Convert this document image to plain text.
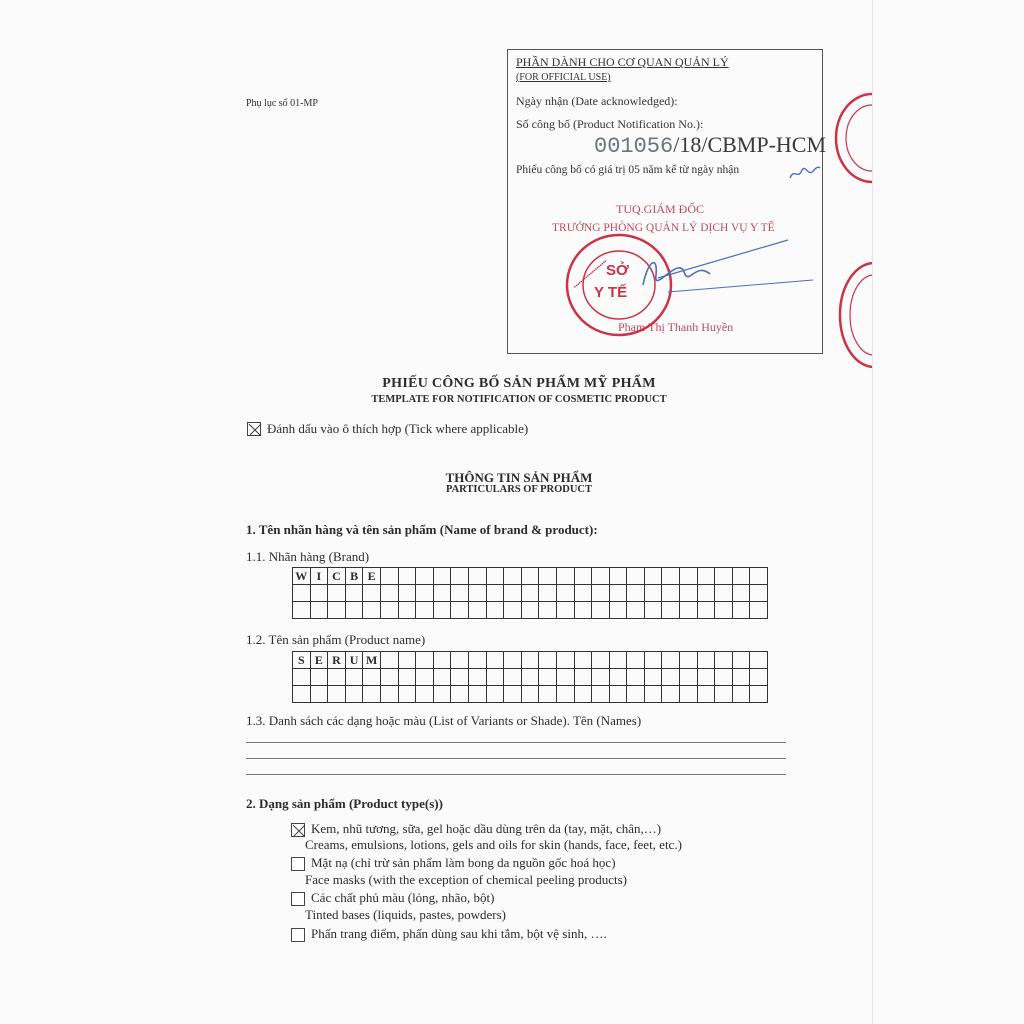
Phụ lục số 01-MP
PHẦN DÀNH CHO CƠ QUAN QUẢN LÝ
(FOR OFFICIAL USE)
Ngày nhận (Date acknowledged):
Số công bố (Product Notification No.):
001056/18/CBMP-HCM
Phiếu công bố có giá trị 05 năm kể từ ngày nhận
TUQ.GIÁM ĐỐC
TRƯỞNG PHÒNG QUẢN LÝ DỊCH VỤ Y TẾ
Phạm Thị Thanh Huyền
••••••••••••••••••••
SỞ
Y TẾ
PHIẾU CÔNG BỐ SẢN PHẨM MỸ PHẨM
TEMPLATE FOR NOTIFICATION OF COSMETIC PRODUCT
Đánh dấu vào ô thích hợp (Tick where applicable)
THÔNG TIN SẢN PHẨM
PARTICULARS OF PRODUCT
1. Tên nhãn hàng và tên sản phẩm (Name of brand & product):
1.1. Nhãn hàng (Brand)
W	I	C	B	E																						

1.2. Tên sản phẩm (Product name)
S	E	R	U	M																						

1.3. Danh sách các dạng hoặc màu (List of Variants or Shade). Tên (Names)
2. Dạng sản phẩm (Product type(s))
Kem, nhũ tương, sữa, gel hoặc dầu dùng trên da (tay, mặt, chân,…)
Creams, emulsions, lotions, gels and oils for skin (hands, face, feet, etc.)
Mặt nạ (chỉ trừ sản phẩm làm bong da nguồn gốc hoá học)
Face masks (with the exception of chemical peeling products)
Các chất phủ màu (lỏng, nhão, bột)
Tinted bases (liquids, pastes, powders)
Phấn trang điểm, phấn dùng sau khi tắm, bột vệ sinh, ….
